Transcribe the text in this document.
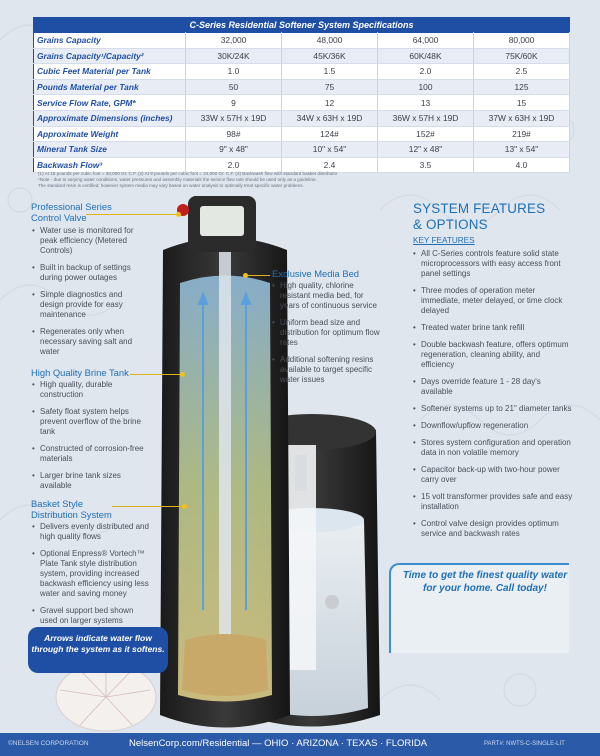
C-Series Residential Softener System Specifications
Grains Capacity	32,000	48,000	64,000	80,000
Grains Capacity¹/Capacity²	30K/24K	45K/36K	60K/48K	75K/60K
Cubic Feet Material per Tank	1.0	1.5	2.0	2.5
Pounds Material per Tank	50	75	100	125
Service Flow Rate, GPM*	9	12	13	15
Approximate Dimensions (inches)	33W x 57H x 19D	34W x 63H x 19D	36W x 57H x 19D	37W x 63H x 19D
Approximate Weight	98#	124#	152#	219#
Mineral Tank Size	9" x 48"	10" x 54"	12" x 48"	13" x 54"
Backwash Flow³	2.0	2.4	3.5	4.0
(1) At 15 pounds per cubic foot = 30,000 Gr. C.F. (2) At 9 pounds per cubic foot = 24,000 Gr. C.F. (3) Backwash flow with standard basket distributor
*Note - due to varying water conditions, water pressures and assembly materials the service flow rate should be used only as a guideline.
The standard resin is certified; however system media may vary based on water analysis to optimally treat specific water problems.
Professional Series Control Valve
• Water use is monitored for peak efficiency (Metered Controls)
• Built in backup of settings during power outages
• Simple diagnostics and design provide for easy maintenance
• Regenerates only when necessary saving salt and water
High Quality Brine Tank
• High quality, durable construction
• Safety float system helps prevent overflow of the brine tank
• Constructed of corrosion-free materials
• Larger brine tank sizes available
Basket Style Distribution System
• Delivers evenly distributed and high quality flows
• Optional Enpress® Vortech™ Plate Tank style distribution system, providing increased backwash efficiency using less water and saving money
• Gravel support bed shown used on larger systems
Exclusive Media Bed
• High quality, chlorine resistant media bed, for years of continuous service
• Uniform bead size and distribution for optimum flow rates
• Additional softening resins available to target specific water issues
SYSTEM FEATURES
& OPTIONS
KEY FEATURES
• All C-Series controls feature solid state microprocessors with easy access front panel settings
• Three modes of operation meter immediate, meter delayed, or time clock delayed
• Treated water brine tank refill
• Double backwash feature, offers optimum regeneration, cleaning ability, and efficiency
• Days override feature 1 - 28 day's available
• Softener systems up to 21" diameter tanks
• Downflow/upflow regeneration
• Stores system configuration and operation data in non volatile memory
• Capacitor back-up with two-hour power carry over
• 15 volt transformer provides safe and easy installation
• Control valve design provides optimum service and backwash rates
Time to get the finest quality water for your home. Call today!
Arrows indicate water flow through the system as it softens.
©NELSEN CORPORATION	NelsenCorp.com/Residential — OHIO · ARIZONA · TEXAS · FLORIDA	PART#: NWTS-C-SINGLE-LIT
